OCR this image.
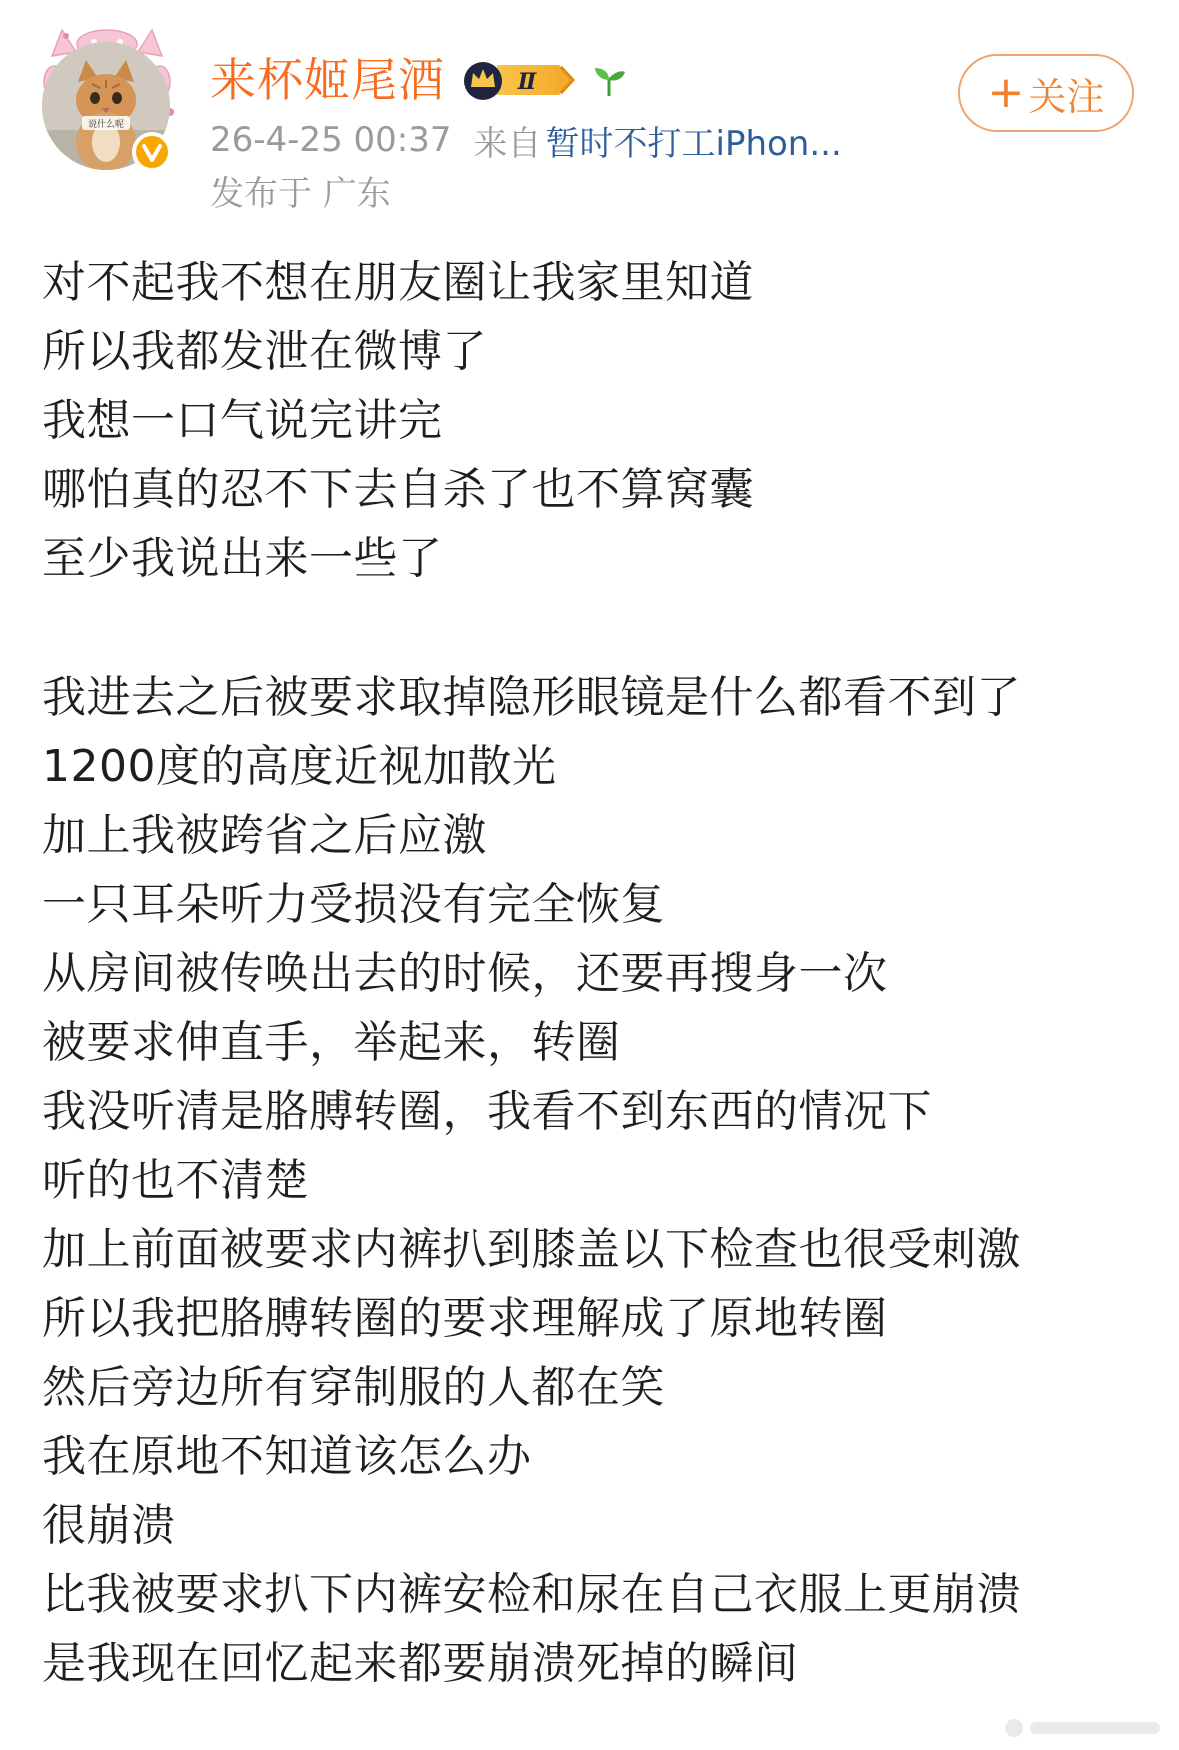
说什么呢
来杯姬尾酒	Ⅱ
26-4-25 00:37 来自 暂时不打工iPhon...
发布于 广东
+ 关注
对不起我不想在朋友圈让我家里知道
所以我都发泄在微博了
我想一口气说完讲完
哪怕真的忍不下去自杀了也不算窝囊
至少我说出来一些了
我进去之后被要求取掉隐形眼镜是什么都看不到了
1200度的高度近视加散光
加上我被跨省之后应激
一只耳朵听力受损没有完全恢复
从房间被传唤出去的时候，还要再搜身一次
被要求伸直手，举起来，转圈
我没听清是胳膊转圈，我看不到东西的情况下
听的也不清楚
加上前面被要求内裤扒到膝盖以下检查也很受刺激
所以我把胳膊转圈的要求理解成了原地转圈
然后旁边所有穿制服的人都在笑
我在原地不知道该怎么办
很崩溃
比我被要求扒下内裤安检和尿在自己衣服上更崩溃
是我现在回忆起来都要崩溃死掉的瞬间
